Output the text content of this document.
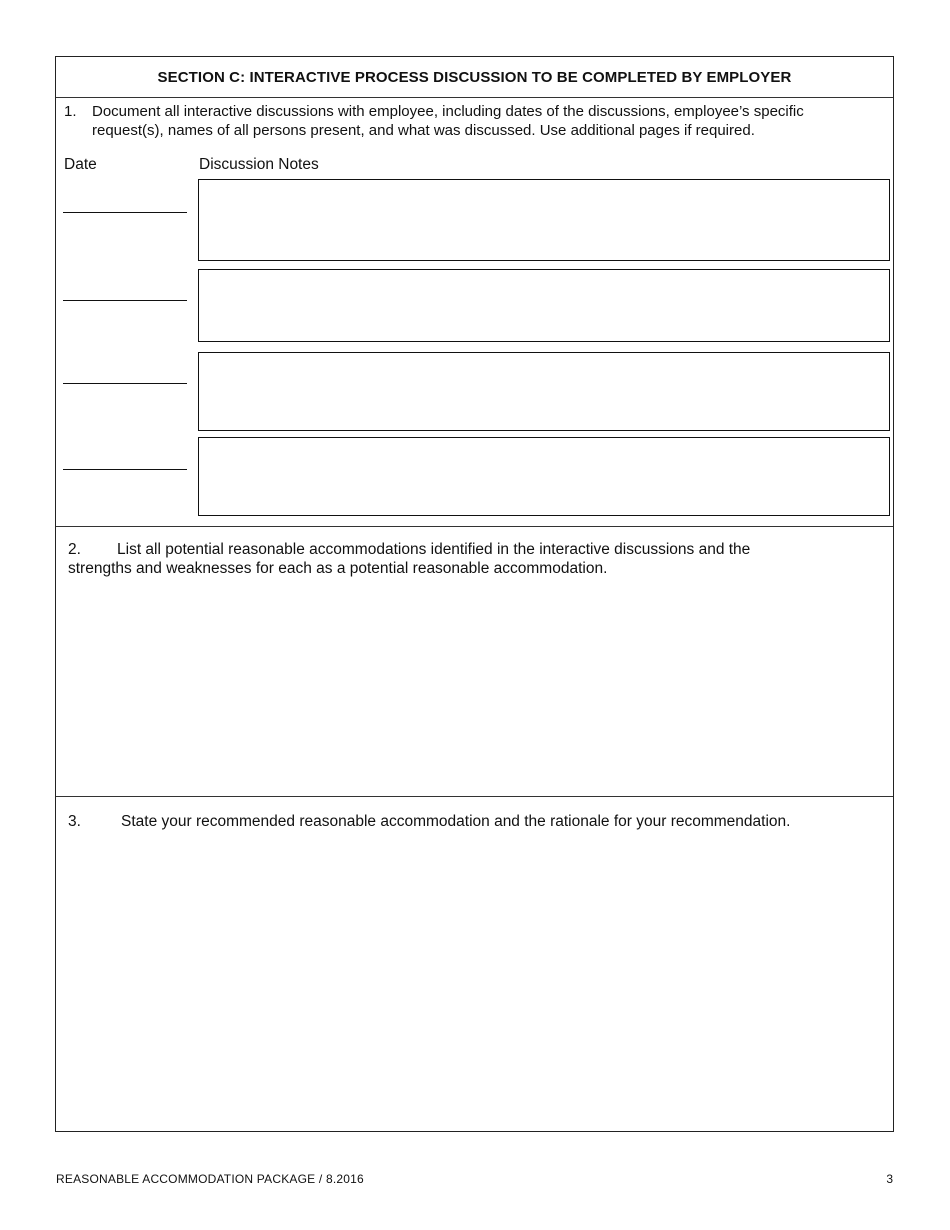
SECTION C: INTERACTIVE PROCESS DISCUSSION TO BE COMPLETED BY EMPLOYER
1.	Document all interactive discussions with employee, including dates of the discussions, employee’s specific request(s), names of all persons present, and what was discussed. Use additional pages if required.
Date	Discussion Notes
2. List all potential reasonable accommodations identified in the interactive discussions and the
strengths and weaknesses for each as a potential reasonable accommodation.
3.	State your recommended reasonable accommodation and the rationale for your recommendation.
REASONABLE ACCOMMODATION PACKAGE / 8.2016	3
